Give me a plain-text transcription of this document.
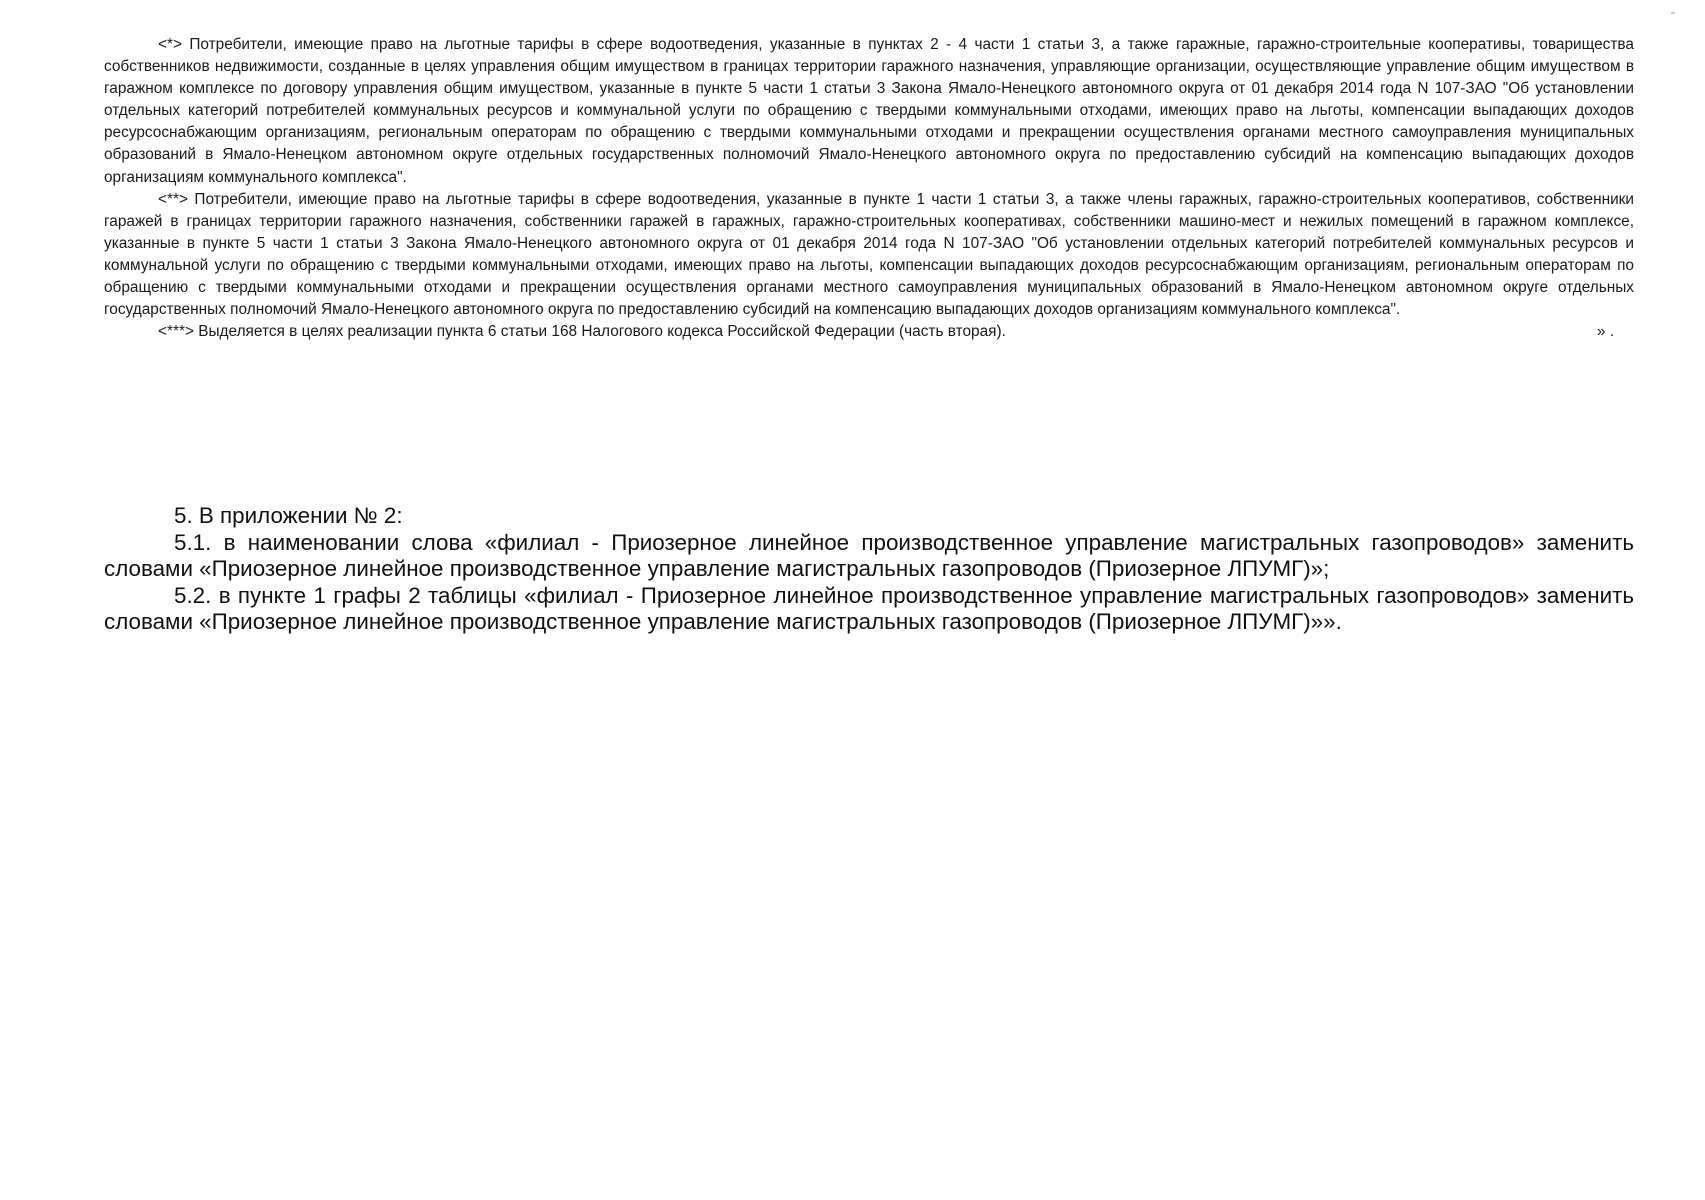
<*> Потребители, имеющие право на льготные тарифы в сфере водоотведения, указанные в пунктах 2 - 4 части 1 статьи 3, а также гаражные, гаражно-строительные кооперативы, товарищества собственников недвижимости, созданные в целях управления общим имуществом в границах территории гаражного назначения, управляющие организации, осуществляющие управление общим имуществом в гаражном комплексе по договору управления общим имуществом, указанные в пункте 5 части 1 статьи 3 Закона Ямало-Ненецкого автономного округа от 01 декабря 2014 года N 107-ЗАО "Об установлении отдельных категорий потребителей коммунальных ресурсов и коммунальной услуги по обращению с твердыми коммунальными отходами, имеющих право на льготы, компенсации выпадающих доходов ресурсоснабжающим организациям, региональным операторам по обращению с твердыми коммунальными отходами и прекращении осуществления органами местного самоуправления муниципальных образований в Ямало-Ненецком автономном округе отдельных государственных полномочий Ямало-Ненецкого автономного округа по предоставлению субсидий на компенсацию выпадающих доходов организациям коммунального комплекса".

<**> Потребители, имеющие право на льготные тарифы в сфере водоотведения, указанные в пункте 1 части 1 статьи 3, а также члены гаражных, гаражно-строительных кооперативов, собственники гаражей в границах территории гаражного назначения, собственники гаражей в гаражных, гаражно-строительных кооперативах, собственники машино-мест и нежилых помещений в гаражном комплексе, указанные в пункте 5 части 1 статьи 3 Закона Ямало-Ненецкого автономного округа от 01 декабря 2014 года N 107-ЗАО "Об установлении отдельных категорий потребителей коммунальных ресурсов и коммунальной услуги по обращению с твердыми коммунальными отходами, имеющих право на льготы, компенсации выпадающих доходов ресурсоснабжающим организациям, региональным операторам по обращению с твердыми коммунальными отходами и прекращении осуществления органами местного самоуправления муниципальных образований в Ямало-Ненецком автономном округе отдельных государственных полномочий Ямало-Ненецкого автономного округа по предоставлению субсидий на компенсацию выпадающих доходов организациям коммунального комплекса".

<***> Выделяется в целях реализации пункта 6 статьи 168 Налогового кодекса Российской Федерации (часть вторая).	» .

5. В приложении № 2:

5.1. в наименовании слова «филиал - Приозерное линейное производственное управление магистральных газопроводов» заменить словами «Приозерное линейное производственное управление магистральных газопроводов (Приозерное ЛПУМГ)»;

5.2. в пункте 1 графы 2 таблицы «филиал - Приозерное линейное производственное управление магистральных газопроводов» заменить словами «Приозерное линейное производственное управление магистральных газопроводов (Приозерное ЛПУМГ)»».
